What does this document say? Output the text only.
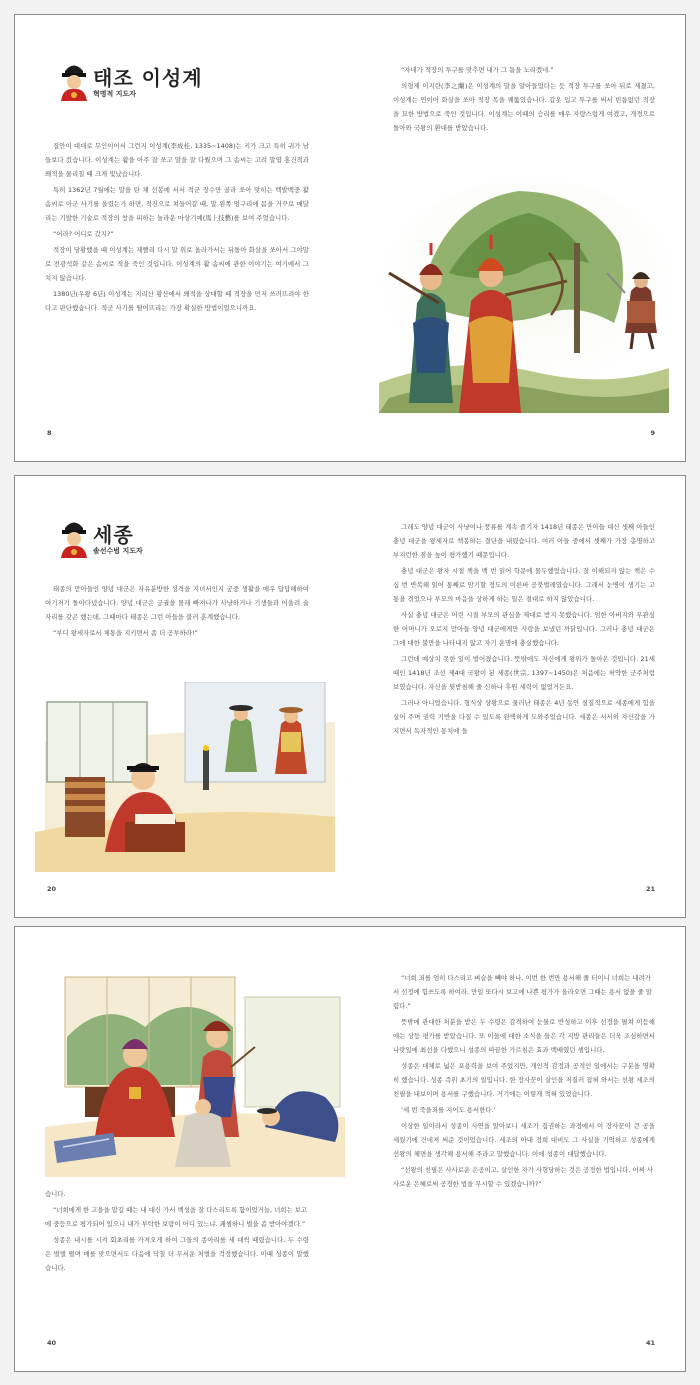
태조 이성계
혁명적 지도자

집안이 대대로 무인이어서 그런지 이성계(李成桂, 1335~1408)는 키가 크고 특히 귀가 남들보다 컸습니다. 이성계는 활을 아주 잘 쏘고 말을 잘 다뤘으며 그 솜씨는 고려 말엽 홍건적과 왜적을 물리칠 때 크게 빛났습니다.

특히 1362년 7월에는 말을 탄 채 선봉에 서서 적군 장수만 골라 쏘아 맞히는 백발백중 활 솜씨로 아군 사기를 올렸는가 하면, 적진으로 쳐들어갈 때, 말 왼쪽 엉구리에 몸을 거꾸로 매달리는 기발한 기술로 적장의 창을 피하는 놀라운 마상기예(馬上技藝)를 보여 주었습니다.

“어라? 어디로 갔지?”

적장이 당황했을 때 이성계는 재빨리 다시 말 위로 올라가서는 뒤돌아 화살을 쏘아서 그야말로 전광석화 같은 솜씨로 적을 죽인 것입니다. 이성계의 활 솜씨에 관한 이야기는 여기에서 그치지 않습니다.

1380년(우왕 6년) 이성계는 지리산 황산에서 왜적을 상대할 때 적장을 먼저 쓰러뜨려야 한다고 판단했습니다. 적군 사기를 떨어뜨리는 가장 확실한 방법이었으니까요.

8

“자네가 적장의 투구를 맞추면 내가 그 틈을 노리겠네.”

의형제 이지란(李之蘭)은 이성계의 말을 알아들었다는 듯 적장 투구를 쏘아 뒤로 제쳤고, 이성계는 연이어 화살을 쏘아 적장 목을 꿰뚫었습니다. 갑옷 입고 투구를 써서 빈틈없던 적장을 묘한 방법으로 죽인 것입니다. 이성계는 이때의 승리를 매우 자랑스럽게 여겼고, 개경으로 돌아와 국왕의 환대를 받았습니다.

9
세종
솔선수범 지도자

태종의 맏아들인 양녕 대군은 자유분방한 성격을 지녀서인지 궁중 생활을 매우 답답해하여 여기저기 돌아다녔습니다. 양녕 대군은 궁궐을 몰래 빠져나가 사냥하거나 기생들과 어울려 술자리를 갖곤 했는데, 그때마다 태종은 그런 아들을 불러 훈계했습니다.

“부디 왕세자로서 체통을 지키면서 좀 더 공부하라!”

20

그래도 양녕 대군이 사냥이나 풍류를 계속 즐기자 1418년 태종은 만아들 대신 셋째 아들인 충녕 대군을 왕세자로 책봉하는 결단을 내렸습니다. 여러 아들 중에서 셋째가 가장 총명하고 부지런한 점을 높이 평가했기 때문입니다.

충녕 대군은 왕자 시절 책을 백 번 읽어 학문에 몰두했었습니다. 잘 이해되지 않는 책은 수십 번 반복해 읽어 통째로 암기할 정도의 이른바 공붓벌레였습니다. 그래서 눈병이 생기는 고통을 겪었으나 부모의 마음을 상하게 하는 일은 절대로 하지 않았습니다.

사실 충녕 대군은 어린 시절 부모의 관심을 제대로 받지 못했습니다. 엄한 아버지와 무관심한 어머니가 오로지 맏아들 양녕 대군에게만 사랑을 보냈던 까닭입니다. 그러나 충녕 대군은 그에 대한 불만을 나타내지 않고 자기 운명에 충실했습니다.

그런데 예상치 못한 일이 벌어졌습니다. 뜻밖에도 자신에게 왕위가 돌아온 것입니다. 21세 때인 1418년 조선 제4대 국왕이 된 세종(世宗, 1397~1450)은 처음에는 허약한 군주처럼 보였습니다. 자신을 뒷받침해 줄 신하나 후원 세력이 없었거든요.

그러나 아니었습니다. 형식상 상왕으로 물러난 태종은 4년 동안 실질적으로 세종에게 힘을 실어 주며 권력 기반을 다질 수 있도록 완벽하게 도와주었습니다. 세종은 서서히 자신감을 가지면서 독자적인 통치에 들

21

습니다.

“너희에게 한 고을을 맡길 때는 내 대신 가서 백성을 잘 다스리도록 함이었거늘, 너희는 보고에 중등으로 평가되어 있으니 내가 부탁한 보람이 어디 있느냐. 괘씸하니 벌을 좀 받아야겠다.”

성종은 내시를 시켜 회초리를 가져오게 하여 그들의 종아리를 세 대씩 때렸습니다. 두 수령은 벌벌 떨며 매를 맞으면서도 다음에 닥칠 더 무서운 처벌을 걱정했습니다. 이때 성종이 말했습니다.

40

“너희 죄를 엄히 다스리고 벼슬을 빼야 하나, 이번 한 번만 용서해 줄 터이니 너희는 내려가서 선정에 힘쓰도록 하여라. 만일 또다시 보고에 나쁜 평가가 올라오면 그때는 용서 없을 줄 알렴다.”

뜻밖에 관대한 처분을 받은 두 수령은 감격하여 눈물로 반성하고 이후 선정을 펼쳐 이듬해에는 상등 평가를 받았습니다. 또 이들에 대한 소식을 들은 각 지방 관리들은 더욱 조심하면서 나랏일에 최선을 다했으니 성종의 따끔한 가르침은 효과 백배였던 셈입니다.

성종은 대체로 넓은 포용력을 보여 주었지만, 개인적 감정과 공적인 일에서는 구분을 명확히 했습니다. 성종 즉위 초기의 일입니다. 한 장사꾼이 살인을 저질러 잡혀 와서는 선왕 세조의 친필을 내보이며 용서를 구했습니다. 거기에는 이렇게 적혀 있었습니다.

‘세 번 죽을죄를 지어도 용서한다.’

이상한 일이라서 성종이 사연을 알아보니 세조가 집권하는 과정에서 이 장사꾼이 큰 공을 세웠기에 건네져 써준 것이었습니다. 세조의 아내 정희 대비도 그 사실을 기억하고 성종에게 선왕의 체면을 생각해 용서해 주라고 말했습니다. 이에 성종이 대답했습니다.

“선왕의 친필은 사사로운 은공이고, 살인한 자가 사형당하는 것은 공정한 법입니다. 어찌 사사로운 은혜로써 공정한 법을 무시할 수 있겠습니까?”

41
